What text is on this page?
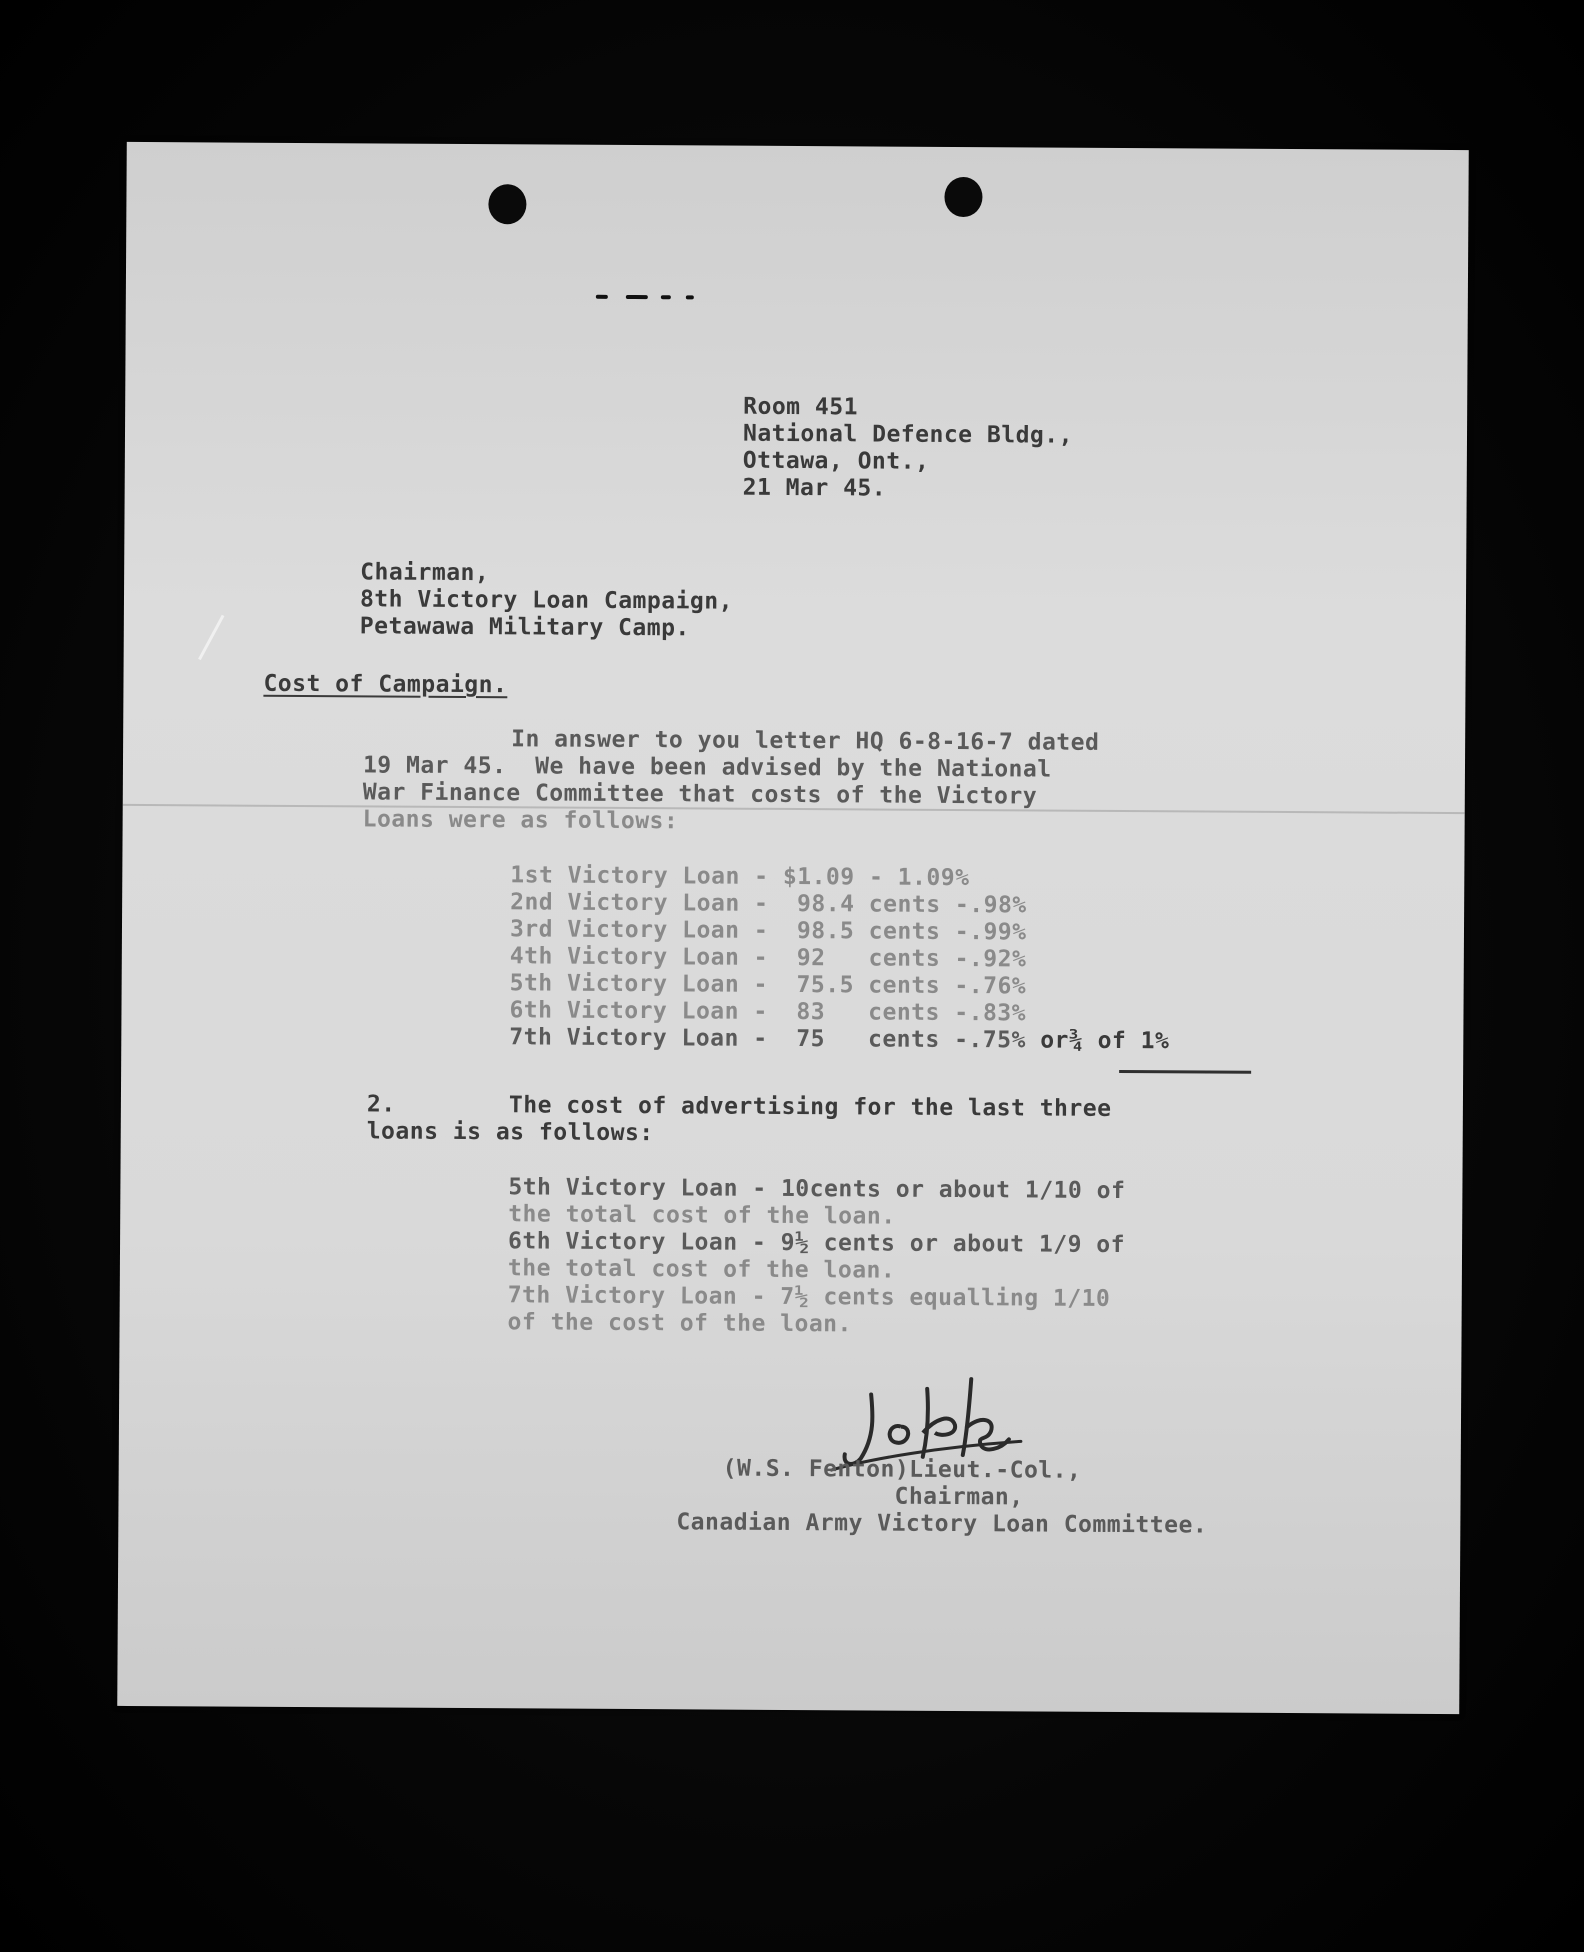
Room 451
National Defence Bldg.,
Ottawa, Ont.,
21 Mar 45.
Chairman,
8th Victory Loan Campaign,
Petawawa Military Camp.
Cost of Campaign.
In answer to you letter HQ 6-8-16-7 dated
19 Mar 45.  We have been advised by the National
War Finance Committee that costs of the Victory
Loans were as follows:
1st Victory Loan - $1.09 - 1.09%
2nd Victory Loan -  98.4 cents -.98%
3rd Victory Loan -  98.5 cents -.99%
4th Victory Loan -  92 cents -.92%
5th Victory Loan -  75.5 cents -.76%
6th Victory Loan -  83 cents -.83%
7th Victory Loan -  75 cents -.75% or¾ of 1%
2.	The cost of advertising for the last three
loans is as follows:
5th Victory Loan - 10cents or about 1/10 of
the total cost of the loan.
6th Victory Loan - 9½ cents or about 1/9 of
the total cost of the loan.
7th Victory Loan - 7½ cents equalling 1/10
of the cost of the loan.
(W.S. Fenton)Lieut.-Col.,
Chairman,
Canadian Army Victory Loan Committee.
